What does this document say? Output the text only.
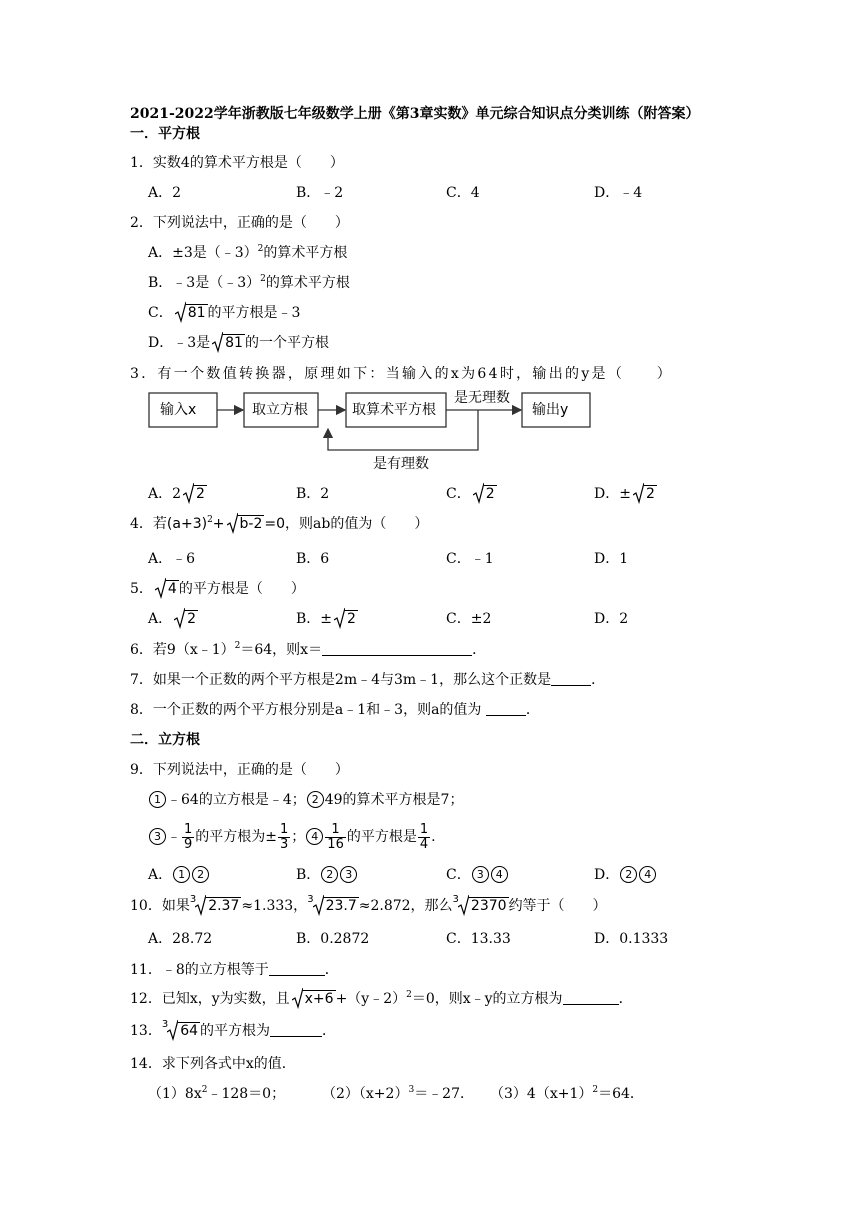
2021-2022学年浙教版七年级数学上册《第3章实数》单元综合知识点分类训练（附答案）
一．平方根
1．实数4的算术平方根是（　　）
A．2	B．﹣2	C．4	D．﹣4
2．下列说法中，正确的是（　　）
A．±3是（﹣3）$^2$的算术平方根
B．﹣3是（﹣3）$^2$的算术平方根
C． 81 的平方根是﹣3
D．﹣3是 81 的一个平方根
3．有一个数值转换器，原理如下：当输入的x为64时，输出的y是（　　）
输入x	取立方根	取算术平方根
是无理数
输出y
是有理数
A．2 2	B．2	C． 2	D．± 2
4．若$(a+3)^2+ b-2 =0$，则ab的值为（　　）
A．﹣6	B．6	C．﹣1	D．1
5． 4 的平方根是（　　）
A． 2	B．± 2	C．±2	D．2
6．若9（x﹣1）$^2$＝64，则x＝	．
7．如果一个正数的两个平方根是2m﹣4与3m﹣1，那么这个正数是	．
8．一个正数的两个平方根分别是a﹣1和﹣3，则a的值为	．
二．立方根
9．下列说法中，正确的是（　　）
1 ﹣64的立方根是﹣4； 2 49的算术平方根是7；
3 ﹣ $\frac{1}{9}$ 的平方根为± $\frac{1}{3}$ ； $4 \frac{1}{16}$ 的平方根是 $\frac{1}{4}$ .
A． 1 2	B． 2 3	C． 3 4	D． 2 4
10．如果$^3$ 2.37 ≈1.333，$^3$ 23.7 ≈2.872，那么$^3$ 2370 约等于（　　）
A．28.72	B．0.2872	C．13.33	D．0.1333
11．﹣8的立方根等于	．
12．已知x，y为实数，且 x+6 +（y﹣2）$^2$＝0，则x﹣y的立方根为	．
13．$^3$ 64 的平方根为	．
14．求下列各式中x的值．
$(1)8x^2﹣128=0$；	$(2)(x+2)^3=﹣27$． $(3)4(x+1)^2=64$．
